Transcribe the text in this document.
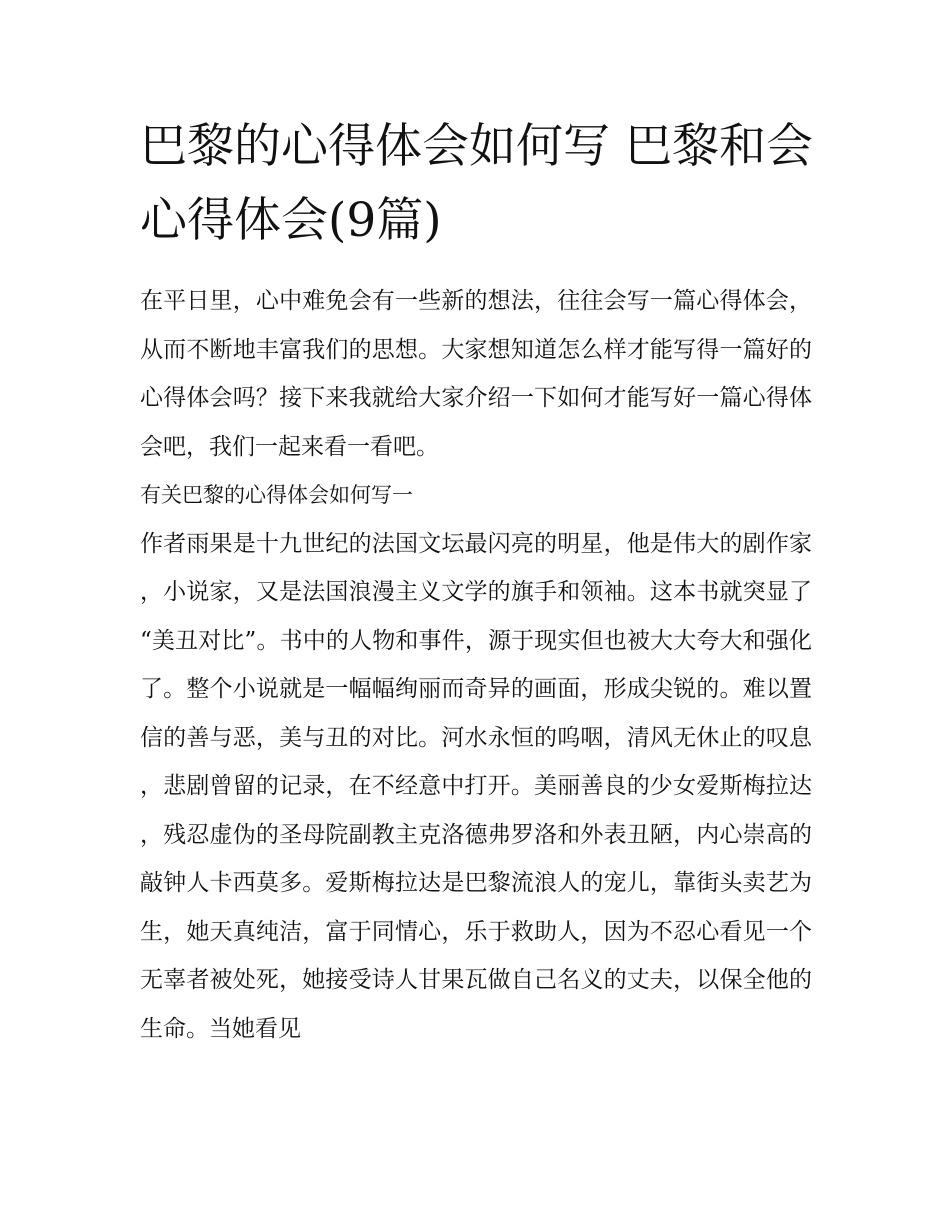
巴黎的心得体会如何写 巴黎和会心得体会(9篇)

在平日里，心中难免会有一些新的想法，往往会写一篇心得体会，从而不断地丰富我们的思想。大家想知道怎么样才能写得一篇好的心得体会吗？接下来我就给大家介绍一下如何才能写好一篇心得体会吧，我们一起来看一看吧。

有关巴黎的心得体会如何写一

作者雨果是十九世纪的法国文坛最闪亮的明星，他是伟大的剧作家，小说家，又是法国浪漫主义文学的旗手和领袖。这本书就突显了“美丑对比”。书中的人物和事件，源于现实但也被大大夸大和强化了。整个小说就是一幅幅绚丽而奇异的画面，形成尖锐的。难以置信的善与恶，美与丑的对比。河水永恒的呜咽，清风无休止的叹息，悲剧曾留的记录，在不经意中打开。美丽善良的少女爱斯梅拉达，残忍虚伪的圣母院副教主克洛德弗罗洛和外表丑陋，内心崇高的敲钟人卡西莫多。爱斯梅拉达是巴黎流浪人的宠儿，靠街头卖艺为生，她天真纯洁，富于同情心，乐于救助人，因为不忍心看见一个无辜者被处死，她接受诗人甘果瓦做自己名义的丈夫，以保全他的生命。当她看见
